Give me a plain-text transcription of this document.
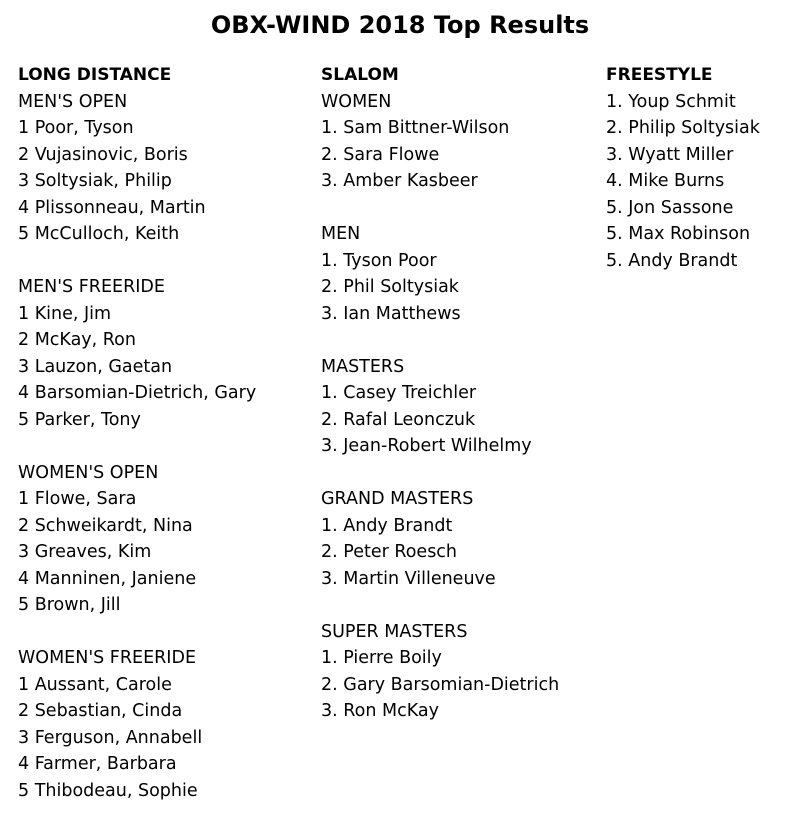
OBX-WIND 2018 Top Results
LONG DISTANCE
MEN'S OPEN
1 Poor, Tyson
2 Vujasinovic, Boris
3 Soltysiak, Philip
4 Plissonneau, Martin
5 McCulloch, Keith
MEN'S FREERIDE
1 Kine, Jim
2 McKay, Ron
3 Lauzon, Gaetan
4 Barsomian-Dietrich, Gary
5 Parker, Tony
WOMEN'S OPEN
1 Flowe, Sara
2 Schweikardt, Nina
3 Greaves, Kim
4 Manninen, Janiene
5 Brown, Jill
WOMEN'S FREERIDE
1 Aussant, Carole
2 Sebastian, Cinda
3 Ferguson, Annabell
4 Farmer, Barbara
5 Thibodeau, Sophie
SLALOM
WOMEN
1. Sam Bittner-Wilson
2. Sara Flowe
3. Amber Kasbeer
MEN
1. Tyson Poor
2. Phil Soltysiak
3. Ian Matthews
MASTERS
1. Casey Treichler
2. Rafal Leonczuk
3. Jean-Robert Wilhelmy
GRAND MASTERS
1. Andy Brandt
2. Peter Roesch
3. Martin Villeneuve
SUPER MASTERS
1. Pierre Boily
2. Gary Barsomian-Dietrich
3. Ron McKay
FREESTYLE
1. Youp Schmit
2. Philip Soltysiak
3. Wyatt Miller
4. Mike Burns
5. Jon Sassone
5. Max Robinson
5. Andy Brandt
